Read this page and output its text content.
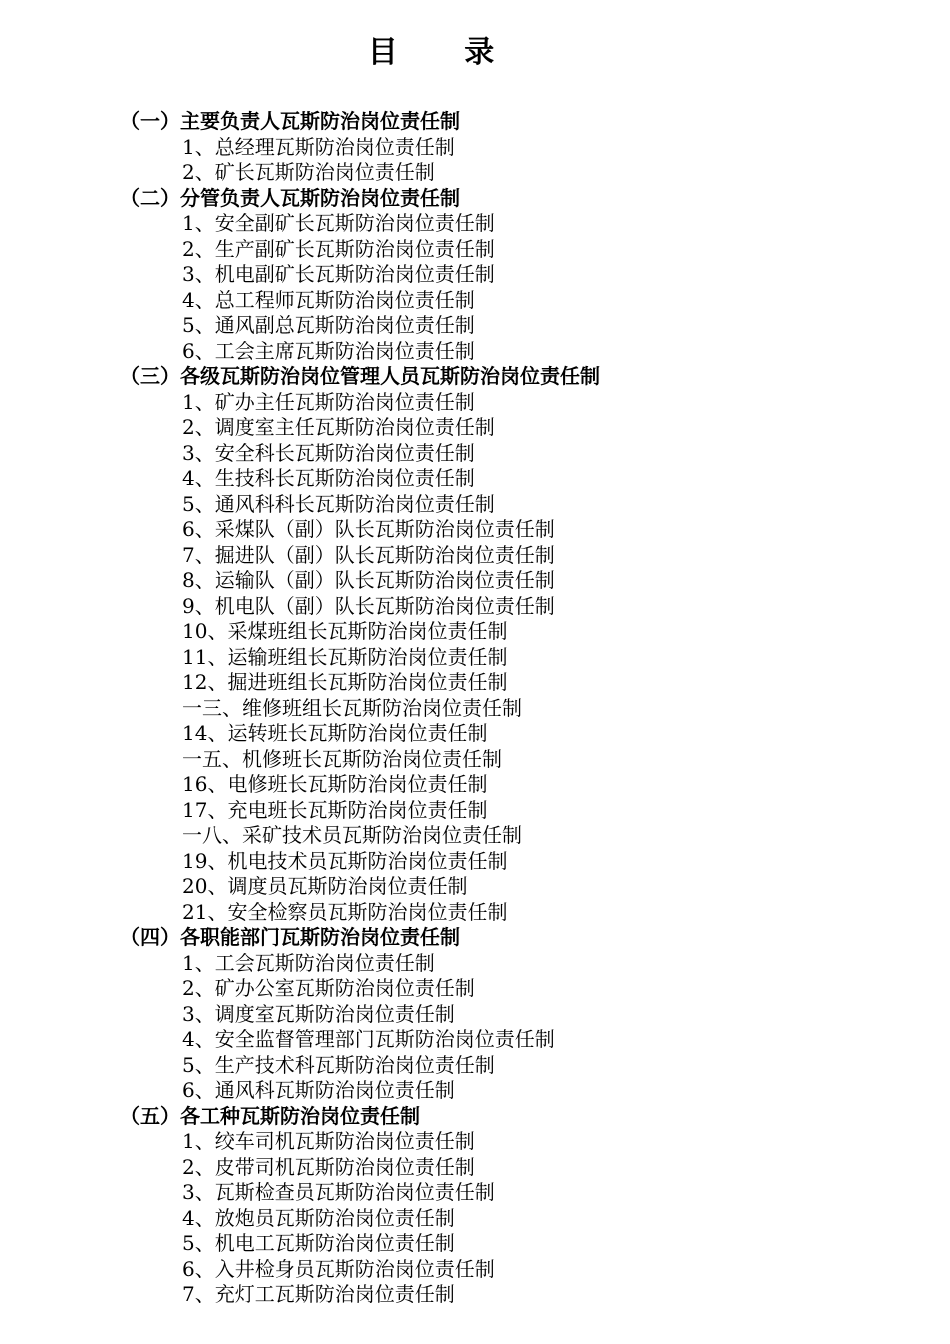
目 录
（一）主要负责人瓦斯防治岗位责任制
1、总经理瓦斯防治岗位责任制
2、矿长瓦斯防治岗位责任制
（二）分管负责人瓦斯防治岗位责任制
1、安全副矿长瓦斯防治岗位责任制
2、生产副矿长瓦斯防治岗位责任制
3、机电副矿长瓦斯防治岗位责任制
4、总工程师瓦斯防治岗位责任制
5、通风副总瓦斯防治岗位责任制
6、工会主席瓦斯防治岗位责任制
（三）各级瓦斯防治岗位管理人员瓦斯防治岗位责任制
1、矿办主任瓦斯防治岗位责任制
2、调度室主任瓦斯防治岗位责任制
3、安全科长瓦斯防治岗位责任制
4、生技科长瓦斯防治岗位责任制
5、通风科科长瓦斯防治岗位责任制
6、采煤队（副）队长瓦斯防治岗位责任制
7、掘进队（副）队长瓦斯防治岗位责任制
8、运输队（副）队长瓦斯防治岗位责任制
9、机电队（副）队长瓦斯防治岗位责任制
10、采煤班组长瓦斯防治岗位责任制
11、运输班组长瓦斯防治岗位责任制
12、掘进班组长瓦斯防治岗位责任制
一三、维修班组长瓦斯防治岗位责任制
14、运转班长瓦斯防治岗位责任制
一五、机修班长瓦斯防治岗位责任制
16、电修班长瓦斯防治岗位责任制
17、充电班长瓦斯防治岗位责任制
一八、采矿技术员瓦斯防治岗位责任制
19、机电技术员瓦斯防治岗位责任制
20、调度员瓦斯防治岗位责任制
21、安全检察员瓦斯防治岗位责任制
（四）各职能部门瓦斯防治岗位责任制
1、工会瓦斯防治岗位责任制
2、矿办公室瓦斯防治岗位责任制
3、调度室瓦斯防治岗位责任制
4、安全监督管理部门瓦斯防治岗位责任制
5、生产技术科瓦斯防治岗位责任制
6、通风科瓦斯防治岗位责任制
（五）各工种瓦斯防治岗位责任制
1、绞车司机瓦斯防治岗位责任制
2、皮带司机瓦斯防治岗位责任制
3、瓦斯检查员瓦斯防治岗位责任制
4、放炮员瓦斯防治岗位责任制
5、机电工瓦斯防治岗位责任制
6、入井检身员瓦斯防治岗位责任制
7、充灯工瓦斯防治岗位责任制
